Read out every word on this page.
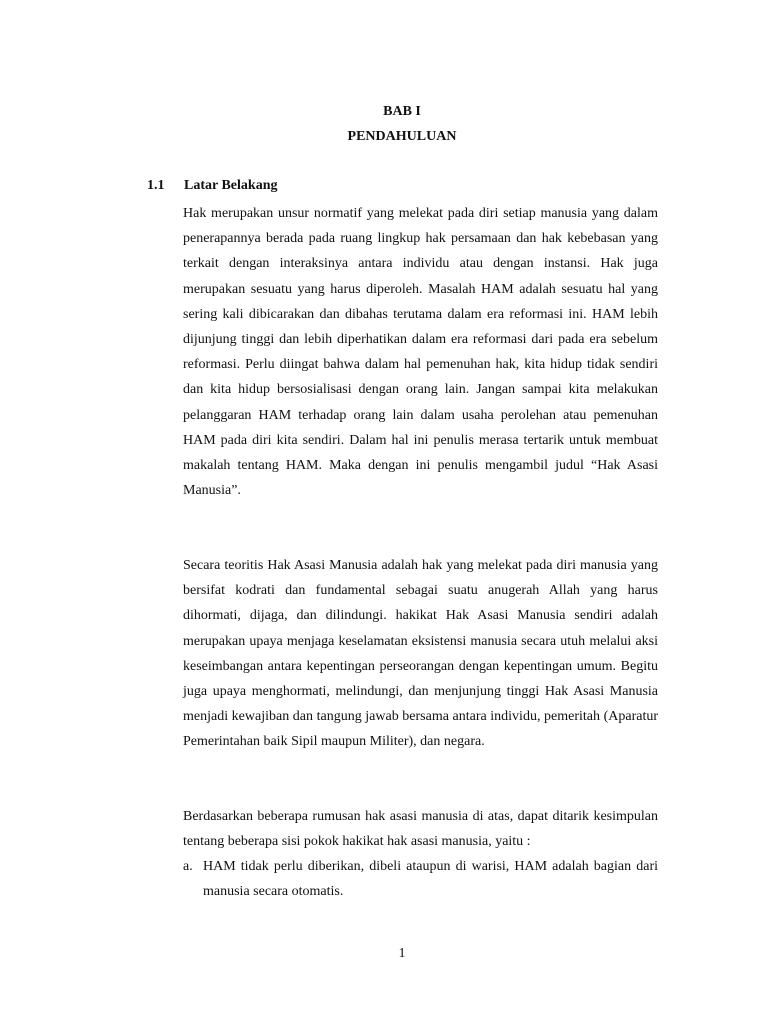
BAB I
PENDAHULUAN
1.1 Latar Belakang

Hak merupakan unsur normatif yang melekat pada diri setiap manusia yang dalam penerapannya berada pada ruang lingkup hak persamaan dan hak kebebasan yang terkait dengan interaksinya antara individu atau dengan instansi. Hak juga merupakan sesuatu yang harus diperoleh. Masalah HAM adalah sesuatu hal yang sering kali dibicarakan dan dibahas terutama dalam era reformasi ini. HAM lebih dijunjung tinggi dan lebih diperhatikan dalam era reformasi dari pada era sebelum reformasi. Perlu diingat bahwa dalam hal pemenuhan hak, kita hidup tidak sendiri dan kita hidup bersosialisasi dengan orang lain. Jangan sampai kita melakukan pelanggaran HAM terhadap orang lain dalam usaha perolehan atau pemenuhan HAM pada diri kita sendiri. Dalam hal ini penulis merasa tertarik untuk membuat makalah tentang HAM. Maka dengan ini penulis mengambil judul “Hak Asasi Manusia”.

Secara teoritis Hak Asasi Manusia adalah hak yang melekat pada diri manusia yang bersifat kodrati dan fundamental sebagai suatu anugerah Allah yang harus dihormati, dijaga, dan dilindungi. hakikat Hak Asasi Manusia sendiri adalah merupakan upaya menjaga keselamatan eksistensi manusia secara utuh melalui aksi keseimbangan antara kepentingan perseorangan dengan kepentingan umum. Begitu juga upaya menghormati, melindungi, dan menjunjung tinggi Hak Asasi Manusia menjadi kewajiban dan tangung jawab bersama antara individu, pemeritah (Aparatur Pemerintahan baik Sipil maupun Militer), dan negara.

Berdasarkan beberapa rumusan hak asasi manusia di atas, dapat ditarik kesimpulan tentang beberapa sisi pokok hakikat hak asasi manusia, yaitu :

a. HAM tidak perlu diberikan, dibeli ataupun di warisi, HAM adalah bagian dari manusia secara otomatis.
1
